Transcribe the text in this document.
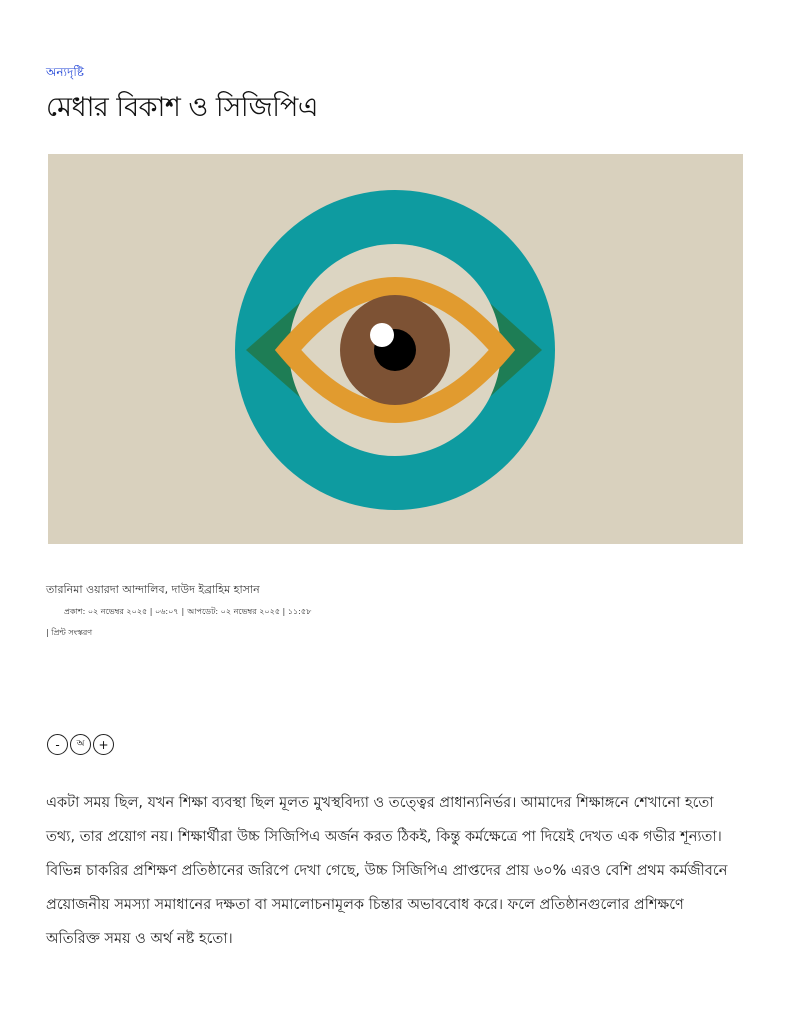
অন্যদৃষ্টি
মেধার বিকাশ ও সিজিপিএ
তারনিমা ওয়ারদা আন্দালিব, দাউদ ইব্রাহিম হাসান
প্রকাশ: ০২ নভেম্বর ২০২৫ | ০৬:০৭ | আপডেট: ০২ নভেম্বর ২০২৫ | ১১:৫৮
| প্রিন্ট সংস্করণ
-	অ	+

একটা সময় ছিল, যখন শিক্ষা ব্যবস্থা ছিল মূলত মুখস্থবিদ্যা ও তত্ত্বের প্রাধান্যনির্ভর। আমাদের শিক্ষাঙ্গনে শেখানো হতো
তথ্য, তার প্রয়োগ নয়। শিক্ষার্থীরা উচ্চ সিজিপিএ অর্জন করত ঠিকই, কিন্তু কর্মক্ষেত্রে পা দিয়েই দেখত এক গভীর শূন্যতা।
বিভিন্ন চাকরির প্রশিক্ষণ প্রতিষ্ঠানের জরিপে দেখা গেছে, উচ্চ সিজিপিএ প্রাপ্তদের প্রায় ৬০% এরও বেশি প্রথম কর্মজীবনে
প্রয়োজনীয় সমস্যা সমাধানের দক্ষতা বা সমালোচনামূলক চিন্তার অভাববোধ করে। ফলে প্রতিষ্ঠানগুলোর প্রশিক্ষণে
অতিরিক্ত সময় ও অর্থ নষ্ট হতো।
